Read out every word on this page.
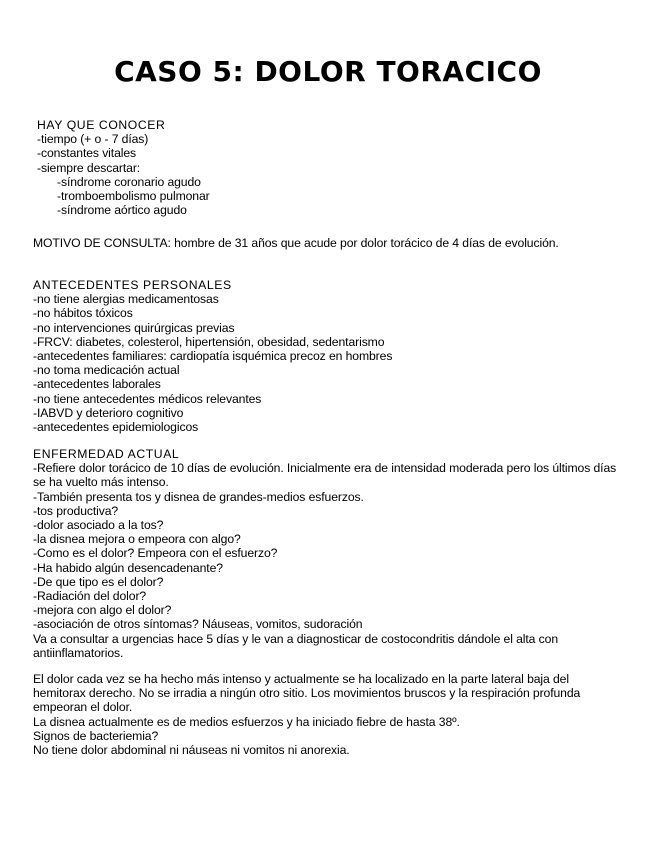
CASO 5: DOLOR TORACICO
HAY QUE CONOCER
-tiempo (+ o - 7 días)
-constantes vitales
-siempre descartar:
-síndrome coronario agudo
-tromboembolismo pulmonar
-síndrome aórtico agudo
MOTIVO DE CONSULTA: hombre de 31 años que acude por dolor torácico de 4 días de evolución.
ANTECEDENTES PERSONALES
-no tiene alergias medicamentosas
-no hábitos tóxicos
-no intervenciones quirúrgicas previas
-FRCV: diabetes, colesterol, hipertensión, obesidad, sedentarismo
-antecedentes familiares: cardiopatía isquémica precoz en hombres
-no toma medicación actual
-antecedentes laborales
-no tiene antecedentes médicos relevantes
-IABVD y deterioro cognitivo
-antecedentes epidemiologicos
ENFERMEDAD ACTUAL
-Refiere dolor torácico de 10 días de evolución. Inicialmente era de intensidad moderada pero los últimos días se ha vuelto más intenso.
-También presenta tos y disnea de grandes-medios esfuerzos.
-tos productiva?
-dolor asociado a la tos?
-la disnea mejora o empeora con algo?
-Como es el dolor? Empeora con el esfuerzo?
-Ha habido algún desencadenante?
-De que tipo es el dolor?
-Radiación del dolor?
-mejora con algo el dolor?
-asociación de otros síntomas? Náuseas, vomitos, sudoración
Va a consultar a urgencias hace 5 días y le van a diagnosticar de costocondritis dándole el alta con antiinflamatorios.
El dolor cada vez se ha hecho más intenso y actualmente se ha localizado en la parte lateral baja del hemitorax derecho. No se irradia a ningún otro sitio. Los movimientos bruscos y la respiración profunda empeoran el dolor.
La disnea actualmente es de medios esfuerzos y ha iniciado fiebre de hasta 38º.
Signos de bacteriemia?
No tiene dolor abdominal ni náuseas ni vomitos ni anorexia.
